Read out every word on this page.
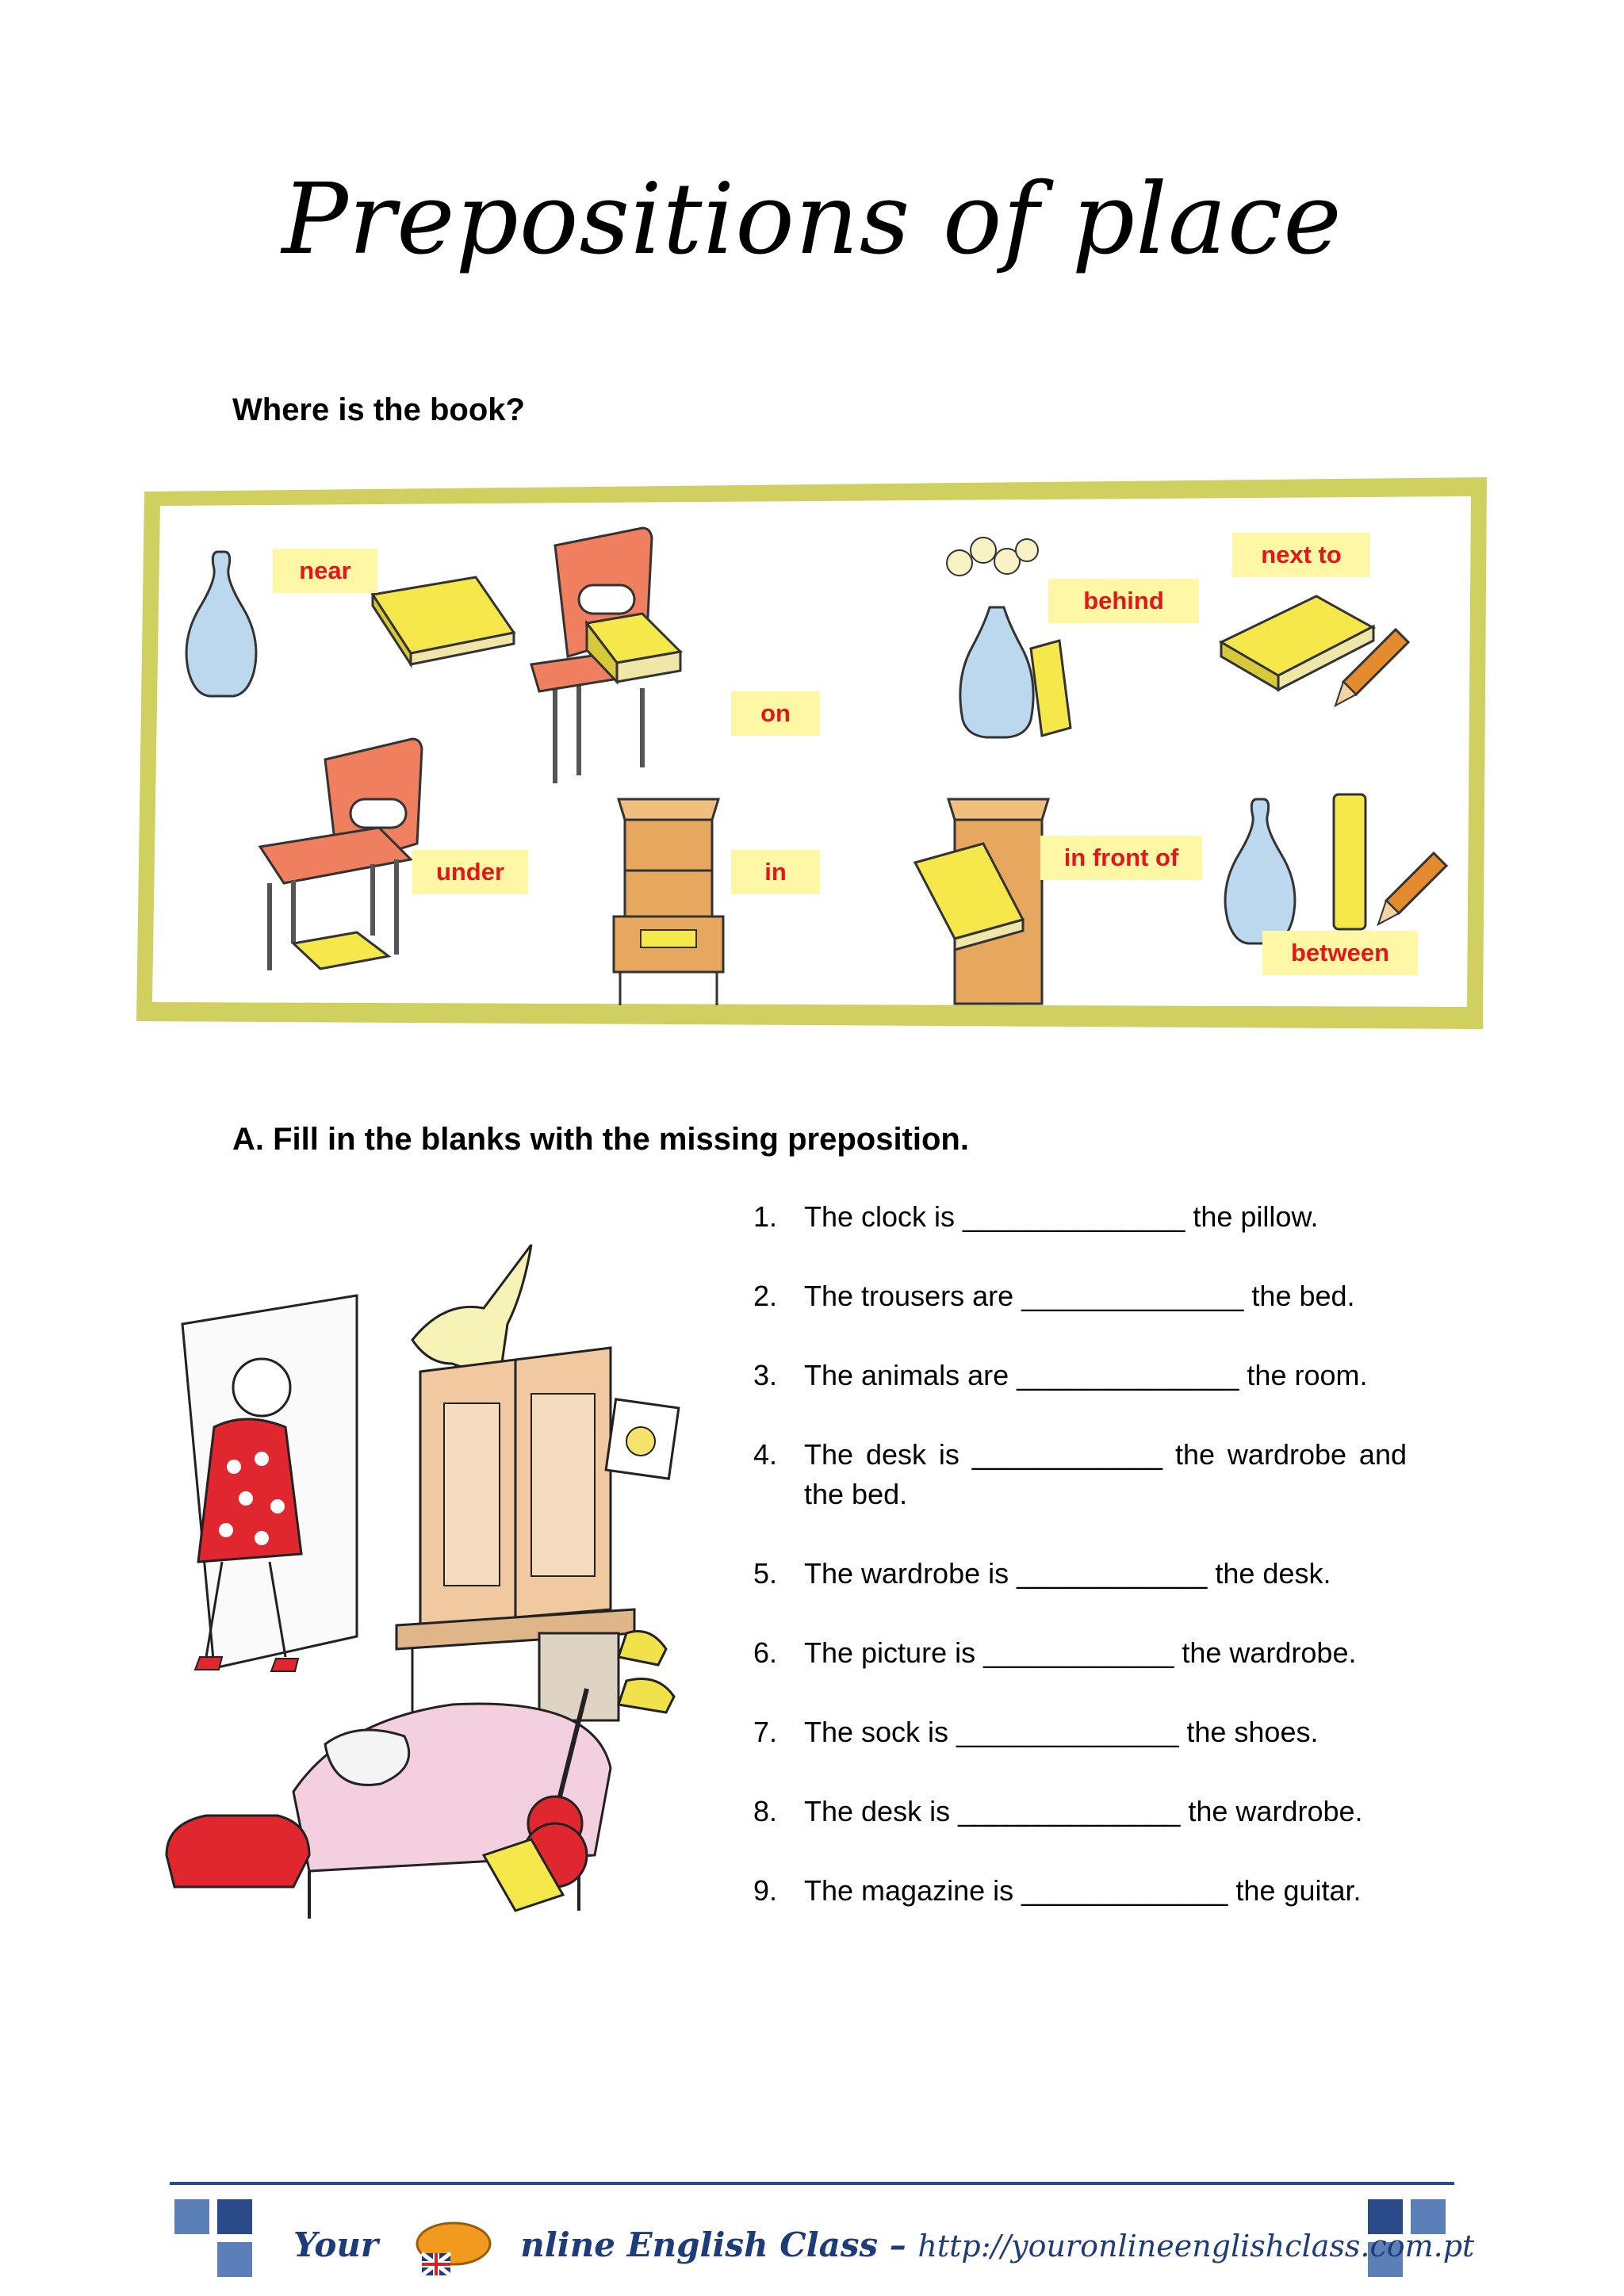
Prepositions of place
Where is the book?
near
on
behind
next to
under	in
in front of
between
A. Fill in the blanks with the missing preposition.
1. The clock is ______________ the pillow.
2. The trousers are ______________ the bed.
3. The animals are ______________ the room.
4. The desk is ____________ the wardrobe and the bed.
5. The wardrobe is ____________ the desk.
6. The picture is ____________ the wardrobe.
7. The sock is ______________ the shoes.
8. The desk is ______________ the wardrobe.
9. The magazine is _____________ the guitar.
Your	nline English Class – http://youronlineenglishclass.com.pt
